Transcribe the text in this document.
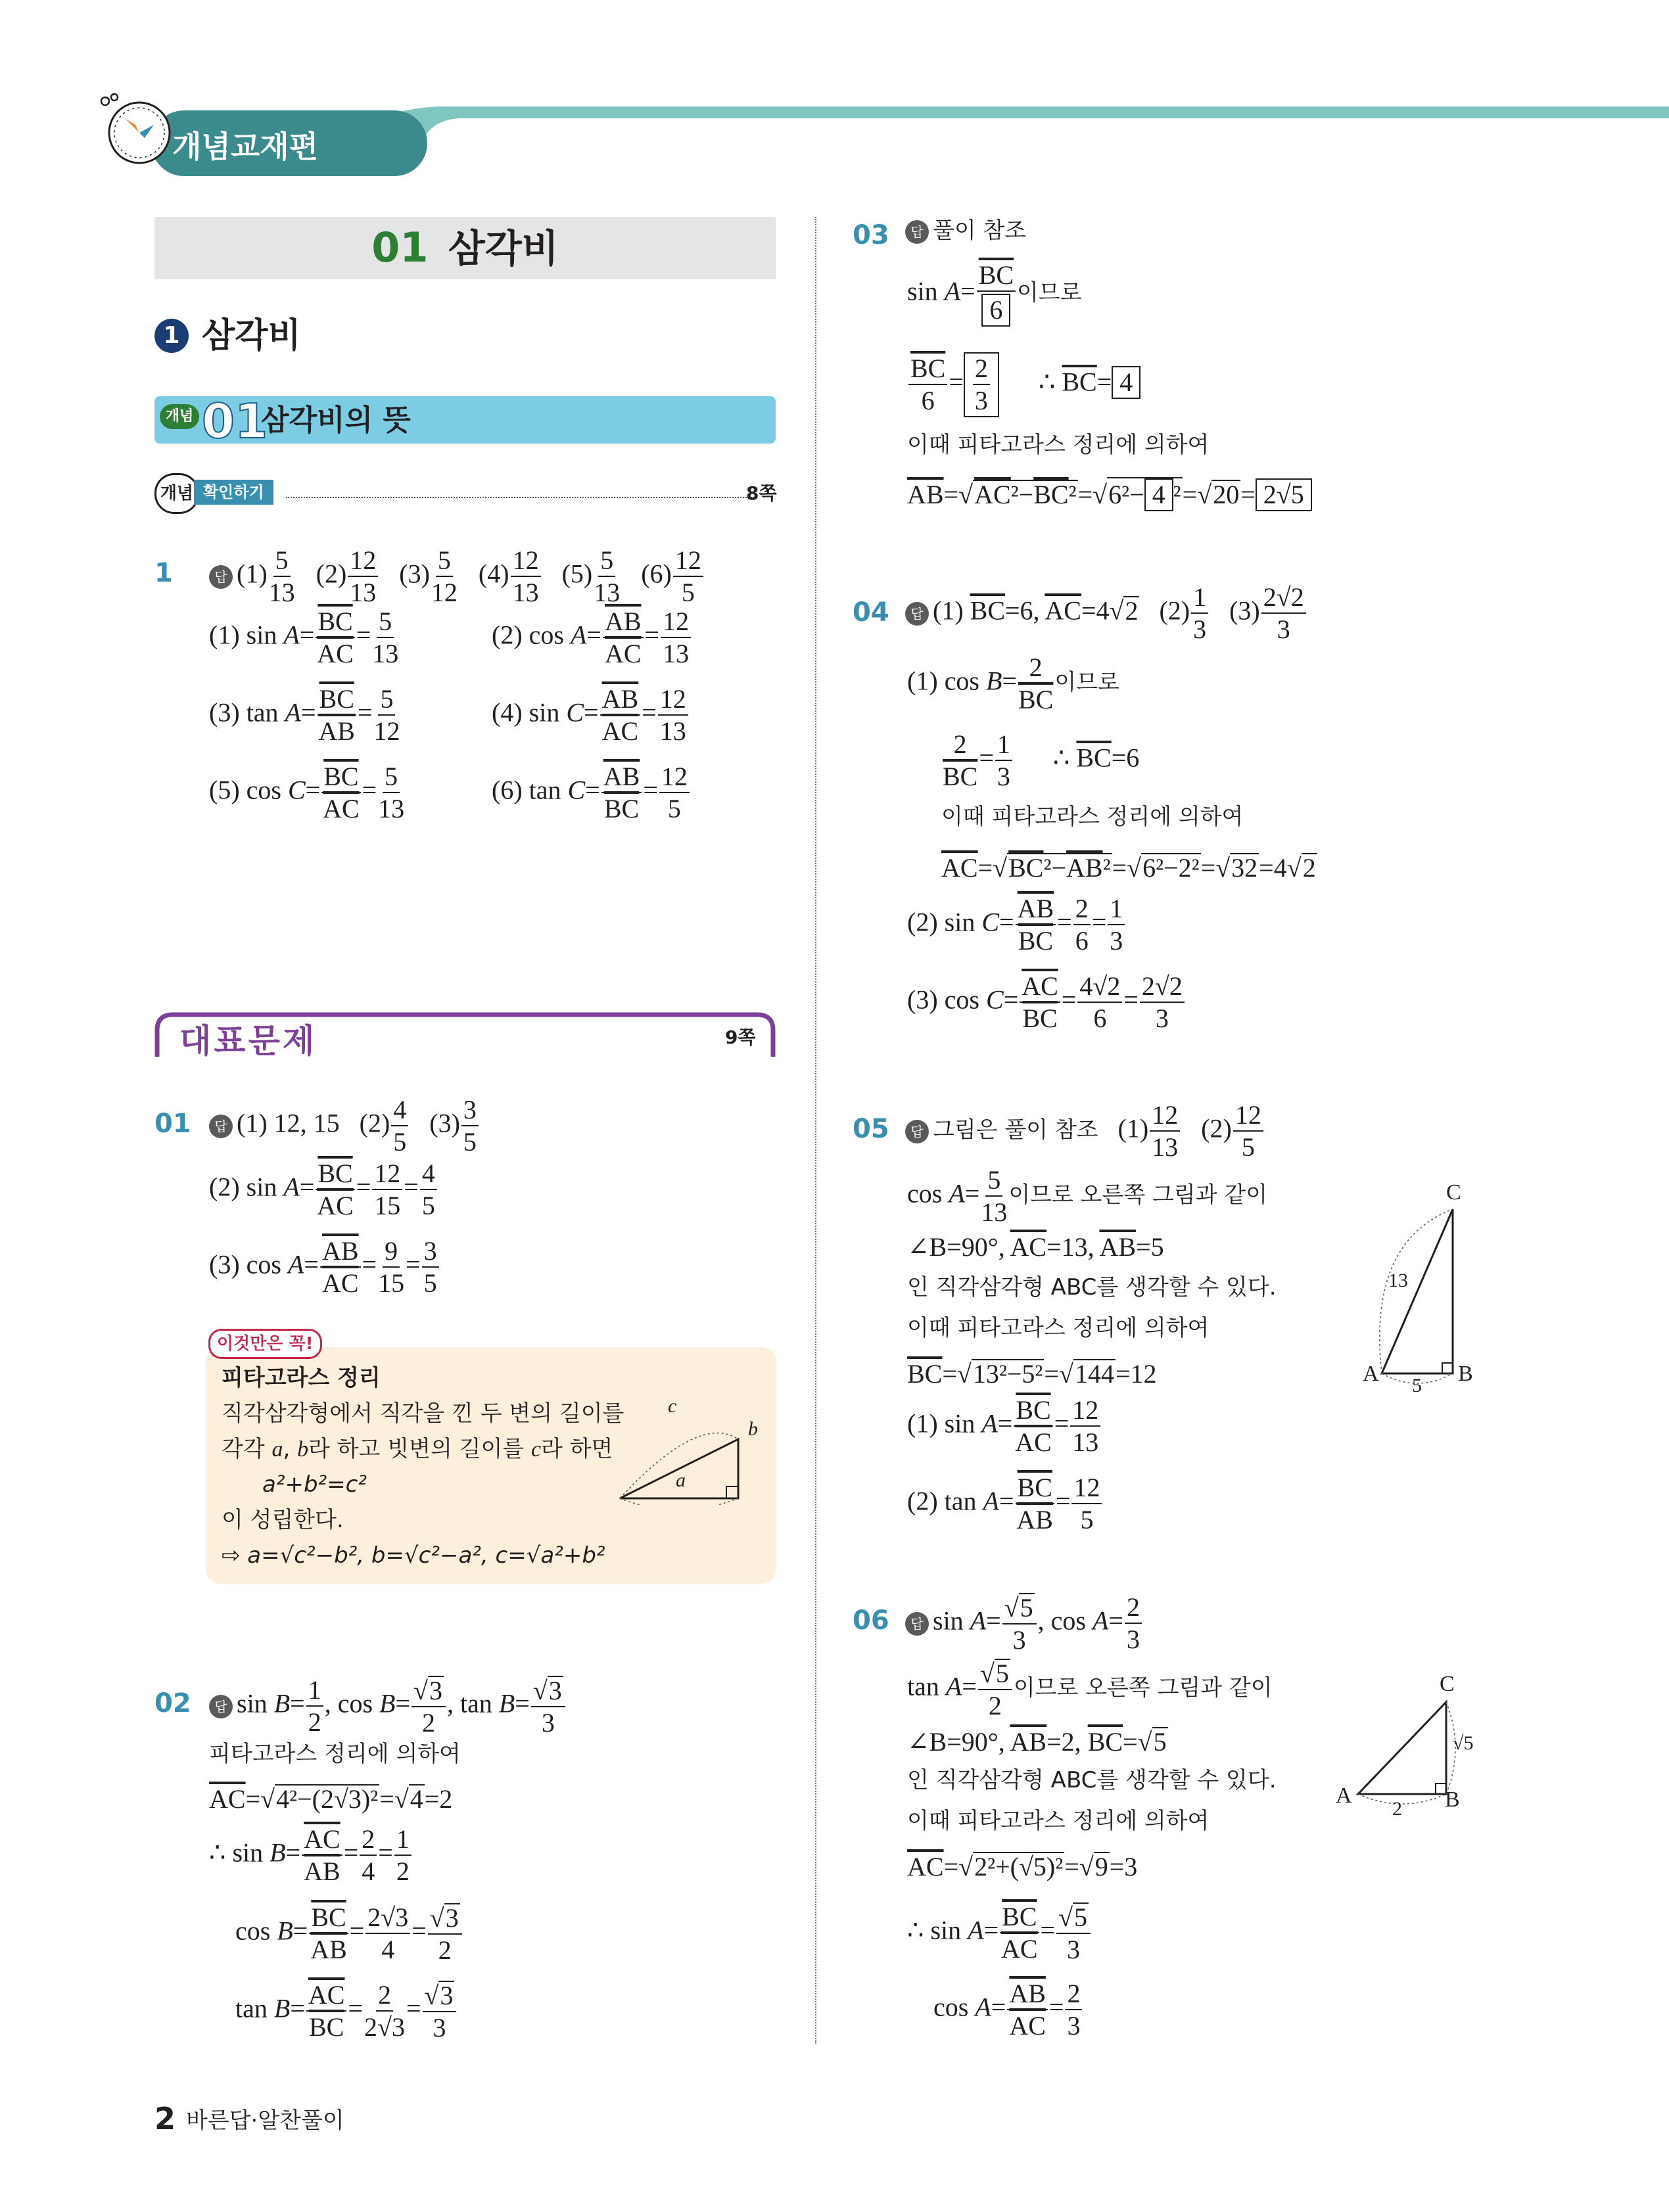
개념교재편
01 삼각비
1 삼각비
개념 01
삼각비의 뜻
개념 확인하기	8쪽
1	답 $(1) \frac{5}{13} (2) \frac{12}{13} (3) \frac{5}{12} (4) \frac{12}{13} (5) \frac{5}{13} (6) \frac{12}{5}$
(1) $\sin A= \frac{\overline{BC}}{AC} = \frac{5}{13}$	(2) $\cos A= \frac{\overline{AB}}{AC} = \frac{12}{13}$
(3) $\tan A= \frac{\overline{BC}}{AB} = \frac{5}{12}$	(4) $\sin C= \frac{\overline{AB}}{AC} = \frac{12}{13}$
(5) $\cos C= \frac{\overline{BC}}{AC} = \frac{5}{13}$	(6) $\tan C= \frac{\overline{AB}}{BC} = \frac{12}{5}$
대표문제	9쪽
01	답 (1) 12, 15   $(2) \frac{4}{5} (3) \frac{3}{5}$
(2) $\sin A= \frac{\overline{BC}}{AC} = \frac{12}{15} = \frac{4}{5}$
(3) $\cos A= \frac{\overline{AB}}{AC} = \frac{9}{15} = \frac{3}{5}$
이것만은 꼭!
피타고라스 정리
직각삼각형에서 직각을 낀 두 변의 길이를
각각 a, b라 하고 빗변의 길이를 c라 하면
a²+b²=c²
이 성립한다.
⇨ a=√c²−b², b=√c²−a², c=√a²+b²
c
b
a
02	답 $\sin B= \frac{1}{2}$ , $\cos B= \frac{√3}{2}$ , $\tan B= \frac{√3}{3}$
피타고라스 정리에 의하여
$\overline{AC}=√4^2-(2√3)^2=√4=2$
∴ $\sin B= \frac{\overline{AC}}{AB} = \frac{2}{4} = \frac{1}{2}$
$\cos B= \frac{\overline{BC}}{AB} = \frac{2√3}{4} = \frac{√3}{2}$
$\tan B= \frac{\overline{AC}}{BC} = \frac{2}{2√3} = \frac{√3}{3}$
03	답 풀이 참조
$\sin A= \frac{\overline{BC}}{6}$ 이므로
$\frac{\overline{BC}}{6} = \frac{2}{3}$ ∴ $\overline{BC}= 4$
이때 피타고라스 정리에 의하여
$\overline{AB}=√AC^2-\overline{BC}^2=√6^2- 4$ ²=√20= 2√5
04	답 (1) $\overline{BC}=6$, $\overline{AC}=4√2$   $(2) \frac{1}{3} (3) \frac{2√2}{3}$
(1) $\cos B= \frac{2}{BC}$ 이므로
$\frac{2}{BC} = \frac{1}{3}$ ∴ $\overline{BC}=6$
이때 피타고라스 정리에 의하여
$\overline{AC}=√BC^2-\overline{AB}^2=√6^2-2^2=√32=4√2$
(2) $\sin C= \frac{\overline{AB}}{BC} = \frac{2}{6} = \frac{1}{3}$
(3) $\cos C= \frac{\overline{AC}}{BC} = \frac{4√2}{6} = \frac{2√2}{3}$
05	답 그림은 풀이 참조   $(1) \frac{12}{13} (2) \frac{12}{5}$
$\cos A= \frac{5}{13}$ 이므로 오른쪽 그림과 같이
∠B=90°, $\overline{AC}=13$, $\overline{AB}=5$
인 직각삼각형 ABC를 생각할 수 있다.
이때 피타고라스 정리에 의하여
$\overline{BC}=√13^2-5^2=√144=12$
(1) $\sin A= \frac{\overline{BC}}{AC} = \frac{12}{13}$
(2) $\tan A= \frac{\overline{BC}}{AB} = \frac{12}{5}$
C
A	B
13
5
06	답 $\sin A= \frac{√5}{3}$ , $\cos A= \frac{2}{3}$
$\tan A= \frac{√5}{2}$ 이므로 오른쪽 그림과 같이
∠B=90°, $\overline{AB}=2$, $\overline{BC}=√5$
인 직각삼각형 ABC를 생각할 수 있다.
이때 피타고라스 정리에 의하여
$\overline{AC}=√2^2+(√5)^2=√9=3$
∴ $\sin A= \frac{\overline{BC}}{AC} = \frac{√5}{3}$
$\cos A= \frac{\overline{AB}}{AC} = \frac{2}{3}$
C
A	B
√5
2
2 바른답·알찬풀이
